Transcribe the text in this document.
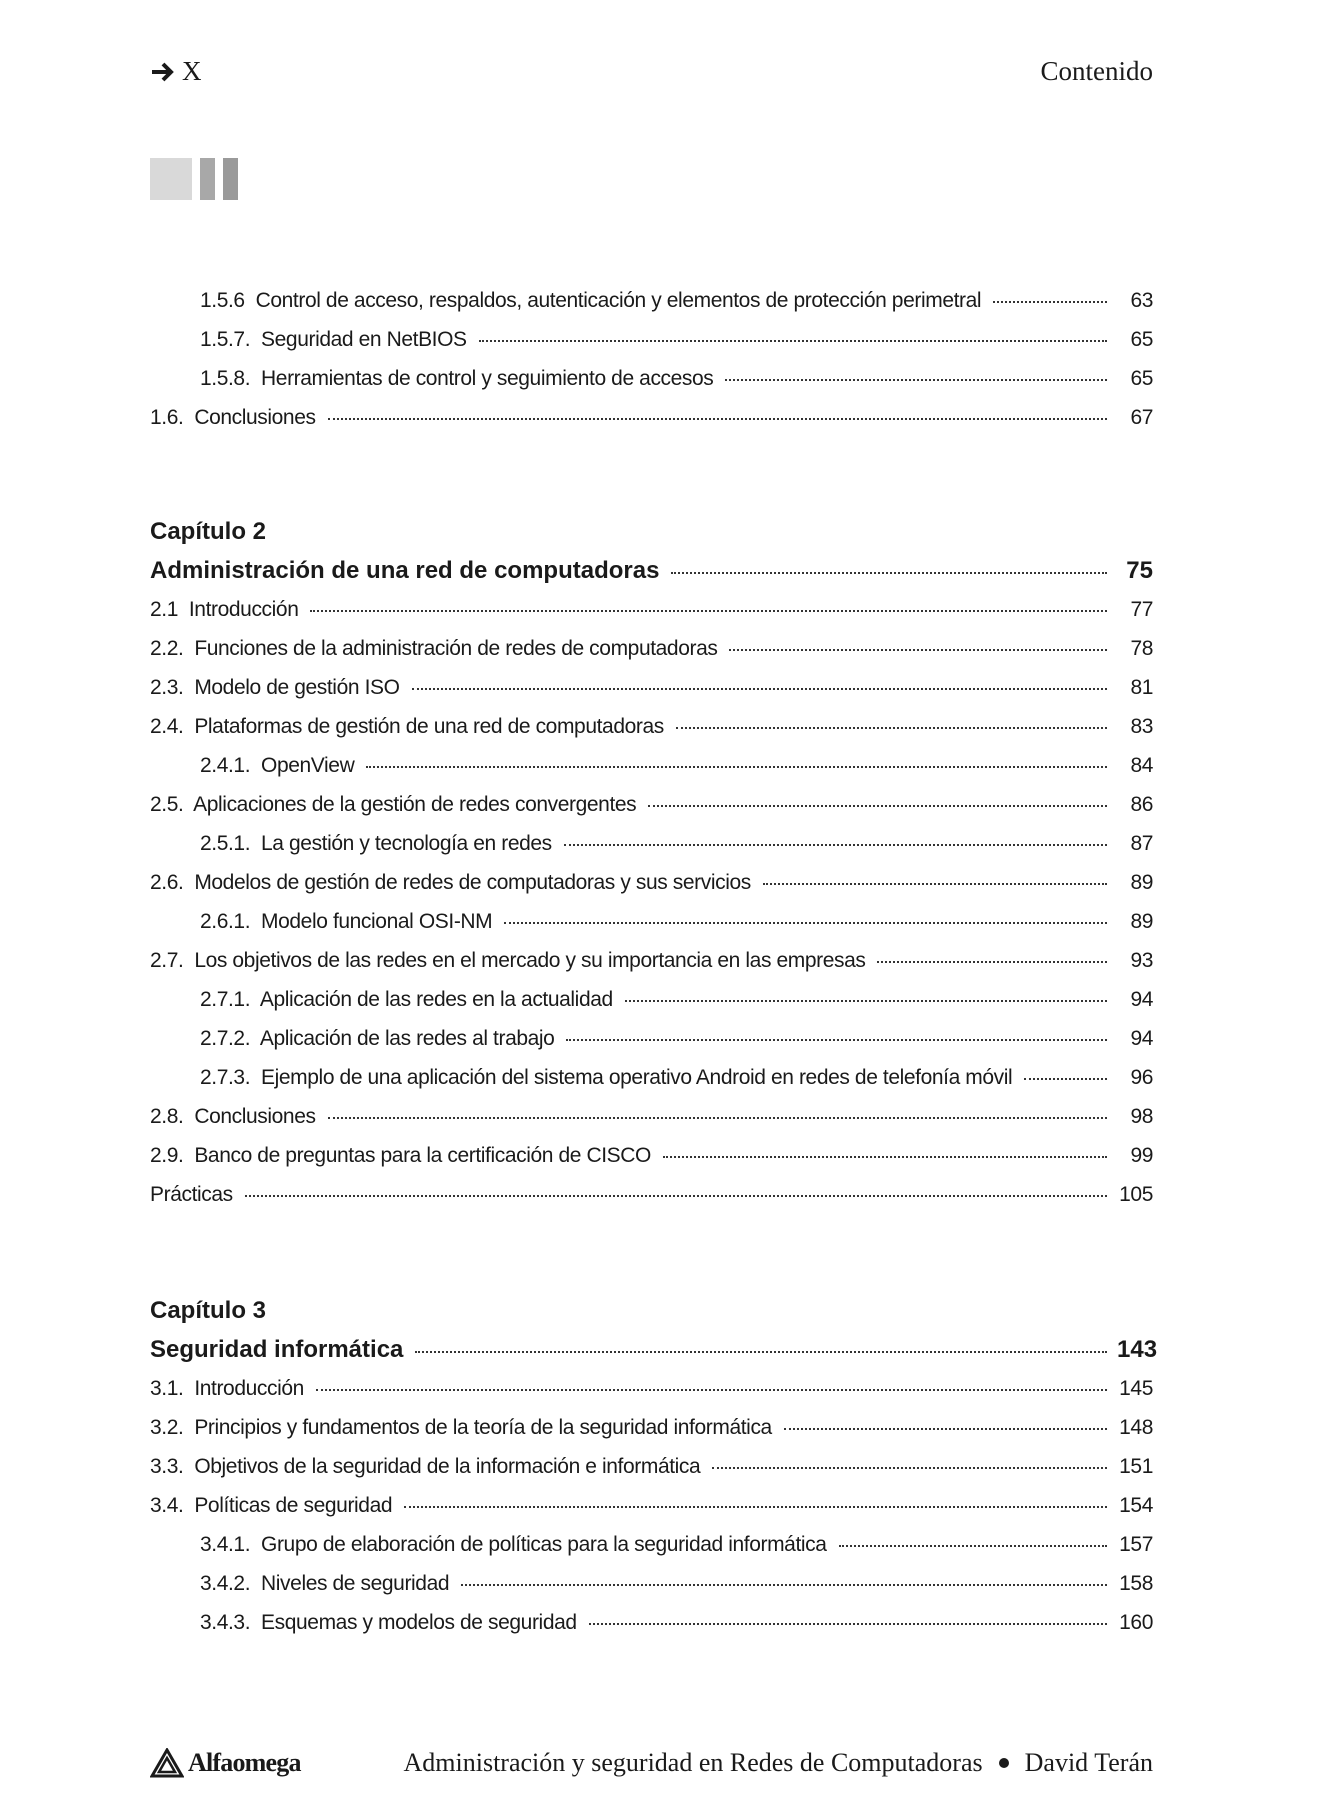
X	Contenido
1.5.6 Control de acceso, respaldos, autenticación y elementos de protección perimetral	63
1.5.7. Seguridad en NetBIOS	65
1.5.8. Herramientas de control y seguimiento de accesos	65
1.6. Conclusiones	67
Capítulo 2
Administración de una red de computadoras	75
2.1 Introducción	77
2.2. Funciones de la administración de redes de computadoras	78
2.3. Modelo de gestión ISO	81
2.4. Plataformas de gestión de una red de computadoras	83
2.4.1. OpenView	84
2.5. Aplicaciones de la gestión de redes convergentes	86
2.5.1. La gestión y tecnología en redes	87
2.6. Modelos de gestión de redes de computadoras y sus servicios	89
2.6.1. Modelo funcional OSI-NM	89
2.7. Los objetivos de las redes en el mercado y su importancia en las empresas	93
2.7.1. Aplicación de las redes en la actualidad	94
2.7.2. Aplicación de las redes al trabajo	94
2.7.3. Ejemplo de una aplicación del sistema operativo Android en redes de telefonía móvil	96
2.8. Conclusiones	98
2.9. Banco de preguntas para la certificación de CISCO	99
Prácticas	105
Capítulo 3
Seguridad informática	143
3.1. Introducción	145
3.2. Principios y fundamentos de la teoría de la seguridad informática	148
3.3. Objetivos de la seguridad de la información e informática	151
3.4. Políticas de seguridad	154
3.4.1. Grupo de elaboración de políticas para la seguridad informática	157
3.4.2. Niveles de seguridad	158
3.4.3. Esquemas y modelos de seguridad	160
Alfaomega	Administración y seguridad en Redes de Computadoras David Terán
